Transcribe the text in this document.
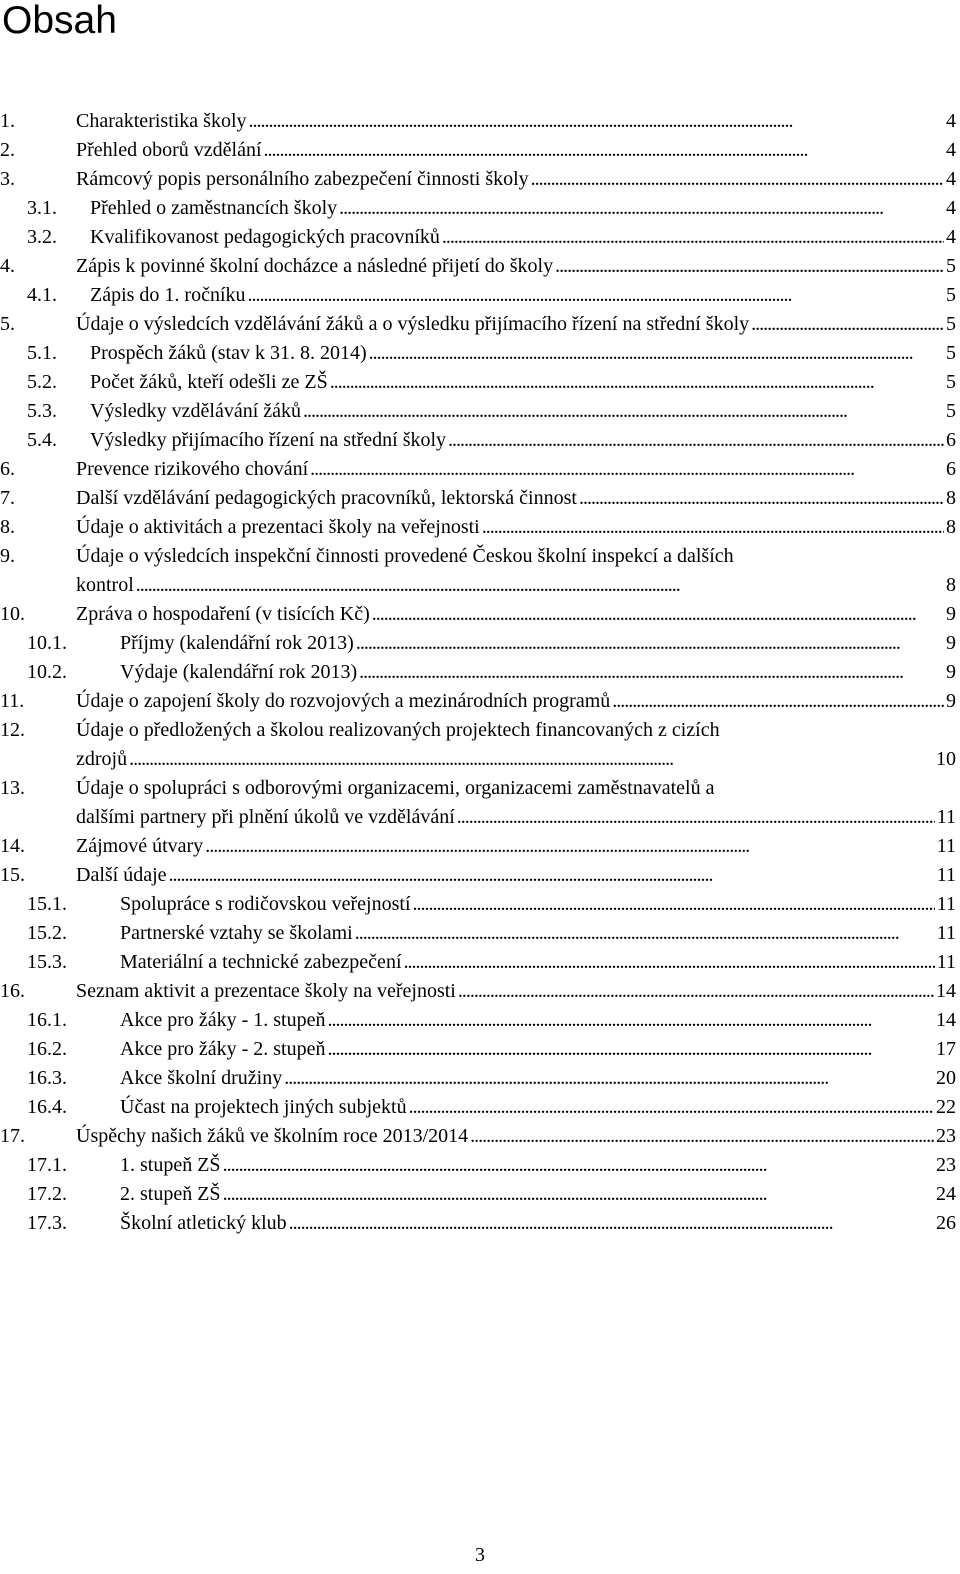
Obsah
1.	Charakteristika školy . . .	4
2.	Přehled oborů vzdělání . . .	4
3.	Rámcový popis personálního zabezpečení činnosti školy . . .	4
3.1. Přehled o zaměstnancích školy . . .	4
3.2. Kvalifikovanost pedagogických pracovníků . . .	4
4.	Zápis k povinné školní docházce a následné přijetí do školy . . .	5
4.1. Zápis do 1. ročníku . . .	5
5.	Údaje o výsledcích vzdělávání žáků a o výsledku přijímacího řízení na střední školy . . .	5
5.1. Prospěch žáků (stav k 31. 8. 2014) . . .	5
5.2. Počet žáků, kteří odešli ze ZŠ . . .	5
5.3. Výsledky vzdělávání žáků . . .	5
5.4. Výsledky přijímacího řízení na střední školy . . .	6
6.	Prevence rizikového chování . . .	6
7.	Další vzdělávání pedagogických pracovníků, lektorská činnost . . .	8
8.	Údaje o aktivitách a prezentaci školy na veřejnosti . . .	8
9.	Údaje o výsledcích inspekční činnosti provedené Českou školní inspekcí a dalších
kontrol . . .	8
10.	Zpráva o hospodaření (v tisících Kč) . . .	9
10.1.	Příjmy (kalendářní rok 2013) . . .	9
10.2.	Výdaje (kalendářní rok 2013) . . .	9
11.	Údaje o zapojení školy do rozvojových a mezinárodních programů . . .	9
12.	Údaje o předložených a školou realizovaných projektech financovaných z cizích
zdrojů . . .	10
13.	Údaje o spolupráci s odborovými organizacemi, organizacemi zaměstnavatelů a
dalšími partnery při plnění úkolů ve vzdělávání . . .	11
14.	Zájmové útvary . . .	11
15.	Další údaje . . .	11
15.1.	Spolupráce s rodičovskou veřejností . . .	11
15.2.	Partnerské vztahy se školami . . .	11
15.3.	Materiální a technické zabezpečení . . .	11
16.	Seznam aktivit a prezentace školy na veřejnosti . . .	14
16.1.	Akce pro žáky - 1. stupeň . . .	14
16.2.	Akce pro žáky - 2. stupeň . . .	17
16.3.	Akce školní družiny . . .	20
16.4.	Účast na projektech jiných subjektů . . .	22
17.	Úspěchy našich žáků ve školním roce 2013/2014 . . .	23
17.1.	1. stupeň ZŠ . . .	23
17.2.	2. stupeň ZŠ . . .	24
17.3.	Školní atletický klub . . .	26
3
